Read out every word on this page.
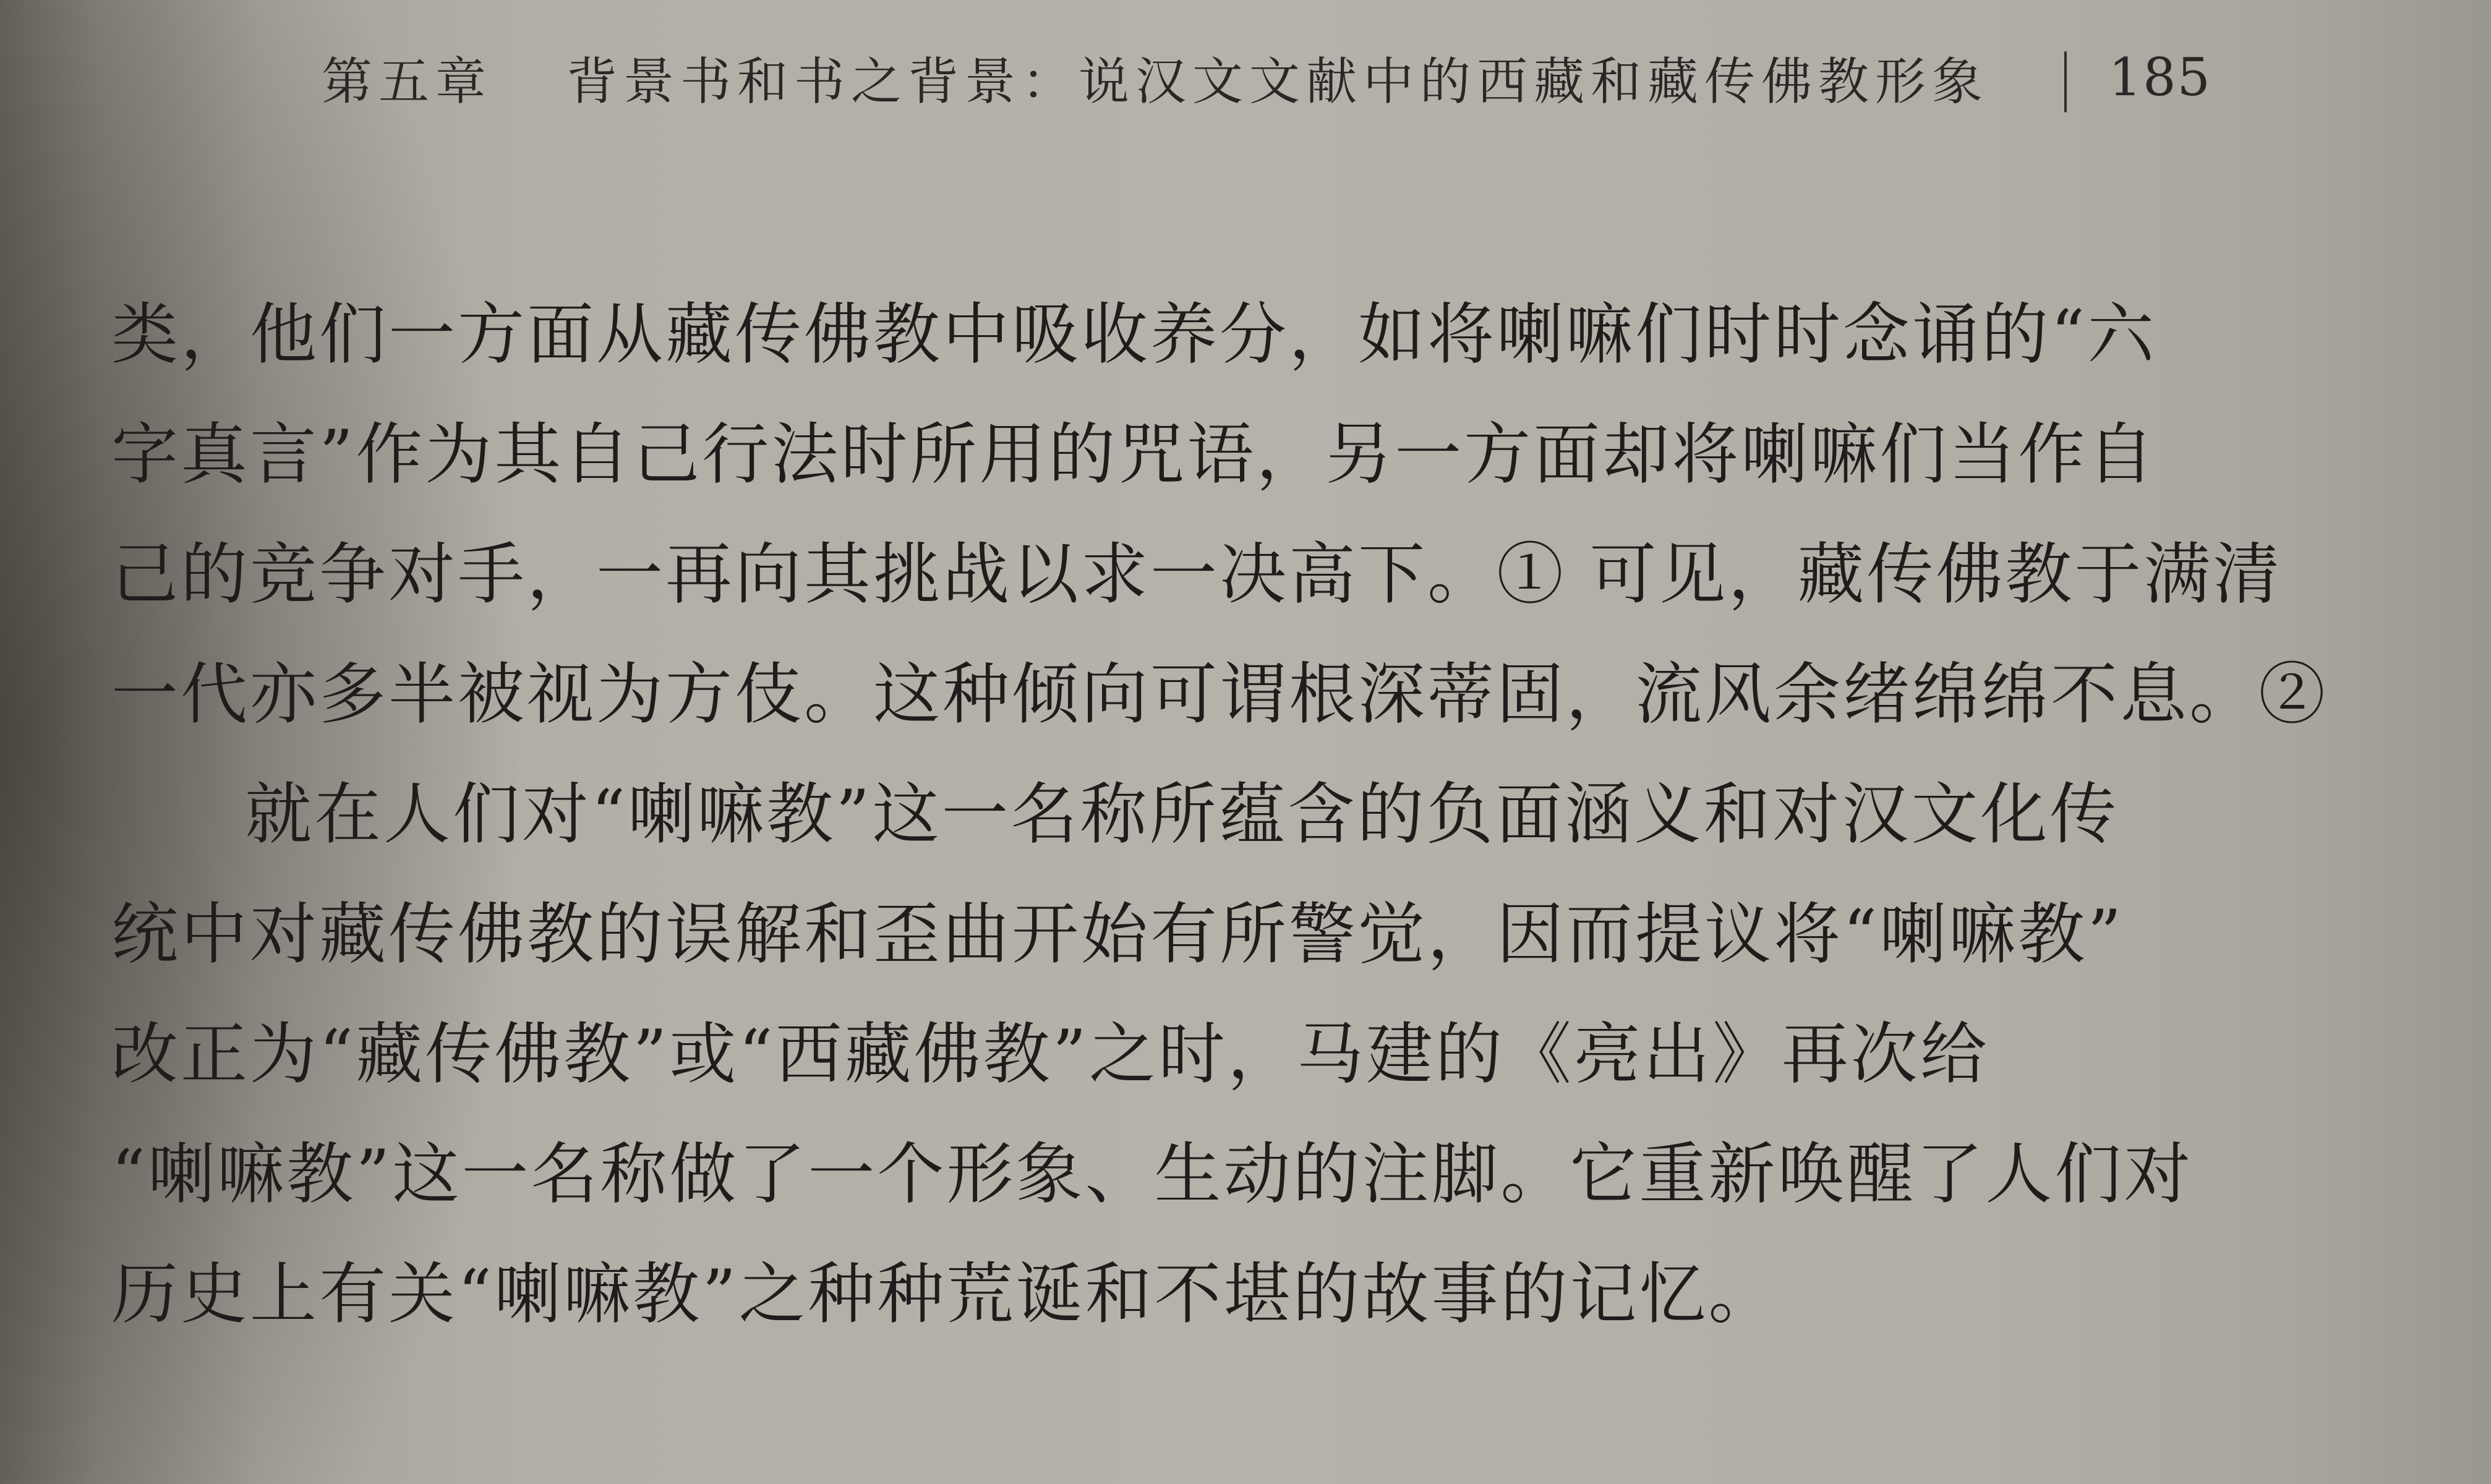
第五章 背景书和书之背景：说汉文文献中的西藏和藏传佛教形象 | 185
类，他们一方面从藏传佛教中吸收养分，如将喇嘛们时时念诵的“六
字真言”作为其自己行法时所用的咒语，另一方面却将喇嘛们当作自
己的竞争对手，一再向其挑战以求一决高下。① 可见，藏传佛教于满清
一代亦多半被视为方伎。这种倾向可谓根深蒂固，流风余绪绵绵不息。②
就在人们对“喇嘛教”这一名称所蕴含的负面涵义和对汉文化传
统中对藏传佛教的误解和歪曲开始有所警觉，因而提议将“喇嘛教”
改正为“藏传佛教”或“西藏佛教”之时，马建的《亮出》再次给
“喇嘛教”这一名称做了一个形象、生动的注脚。它重新唤醒了人们对
历史上有关“喇嘛教”之种种荒诞和不堪的故事的记忆。
